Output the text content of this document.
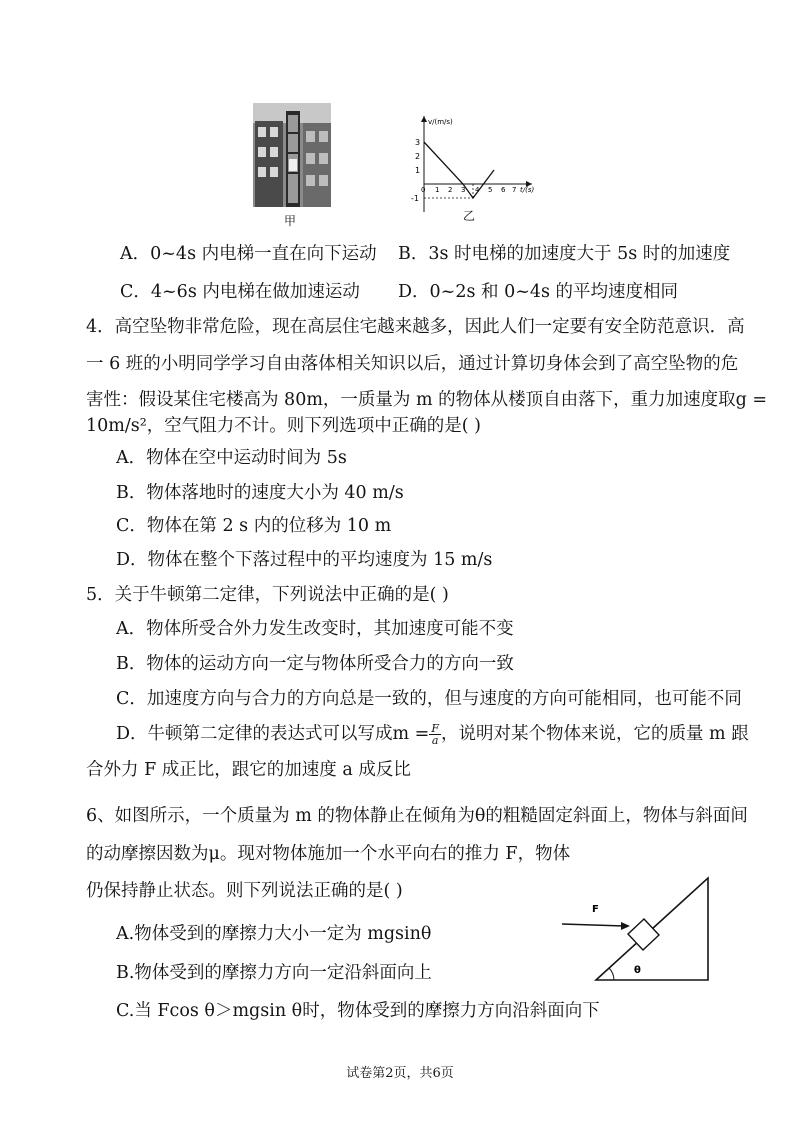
甲
v/(m/s)
3
2
1
-1
0 1 2 3 4 5 6 7 t/(s)
乙
A．0~4s 内电梯一直在向下运动 B．3s 时电梯的加速度大于 5s 时的加速度
C．4~6s 内电梯在做加速运动 D．0~2s 和 0~4s 的平均速度相同
4．高空坠物非常危险，现在高层住宅越来越多，因此人们一定要有安全防范意识．高
一 6 班的小明同学学习自由落体相关知识以后，通过计算切身体会到了高空坠物的危
害性：假设某住宅楼高为 80m，一质量为 m 的物体从楼顶自由落下，重力加速度取g =
10m/s²，空气阻力不计。则下列选项中正确的是( )
A．物体在空中运动时间为 5s
B．物体落地时的速度大小为 40 m/s
C．物体在第 2 s 内的位移为 10 m
D．物体在整个下落过程中的平均速度为 15 m/s
5．关于牛顿第二定律，下列说法中正确的是( )
A．物体所受合外力发生改变时，其加速度可能不变
B．物体的运动方向一定与物体所受合力的方向一致
C．加速度方向与合力的方向总是一致的，但与速度的方向可能相同，也可能不同
D．牛顿第二定律的表达式可以写成$m = \frac{F}{a}$ ，说明对某个物体来说，它的质量 m 跟
合外力 F 成正比，跟它的加速度 a 成反比
6、如图所示，一个质量为 m 的物体静止在倾角为θ的粗糙固定斜面上，物体与斜面间
的动摩擦因数为μ。现对物体施加一个水平向右的推力 F，物体
仍保持静止状态。则下列说法正确的是( )
A.物体受到的摩擦力大小一定为 mgsinθ
B.物体受到的摩擦力方向一定沿斜面向上
C.当 Fcos θ＞mgsin θ时，物体受到的摩擦力方向沿斜面向下
F
θ
试卷第2页，共6页
